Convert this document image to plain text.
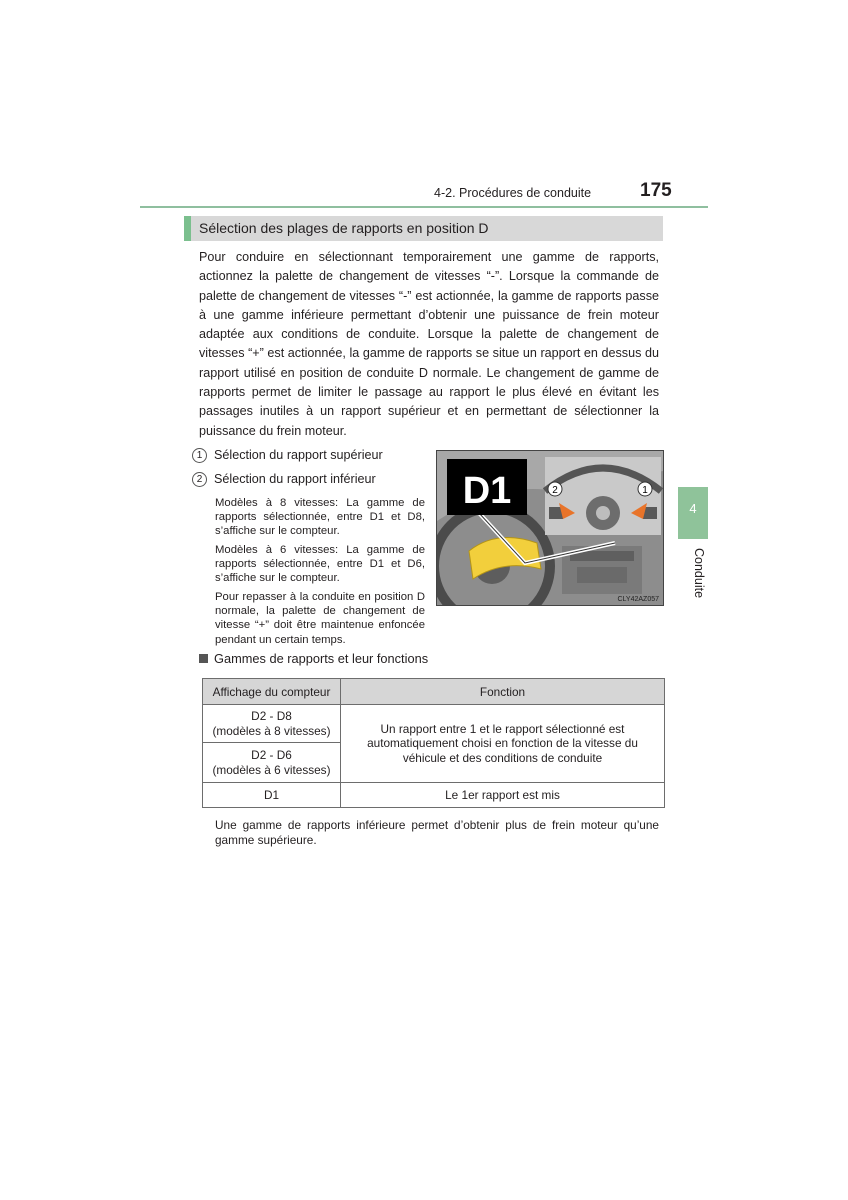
4-2. Procédures de conduite	175
Sélection des plages de rapports en position D
Pour conduire en sélectionnant temporairement une gamme de rapports, actionnez la palette de changement de vitesses “-”. Lorsque la commande de palette de changement de vitesses “-” est actionnée, la gamme de rapports passe à une gamme inférieure permettant d’obtenir une puissance de frein moteur adaptée aux conditions de conduite. Lorsque la palette de changement de vitesses “+” est actionnée, la gamme de rapports se situe un rapport en dessus du rapport utilisé en position de conduite D normale. Le changement de gamme de rapports permet de limiter le passage au rapport le plus élevé en évitant les passages inutiles à un rapport supérieur et en permettant de sélectionner la puissance du frein moteur.
1 Sélection du rapport supérieur
2 Sélection du rapport inférieur
Modèles à 8 vitesses: La gamme de rapports sélectionnée, entre D1 et D8, s’affiche sur le compteur.
Modèles à 6 vitesses: La gamme de rapports sélectionnée, entre D1 et D6, s’affiche sur le compteur.
Pour repasser à la conduite en position D normale, la palette de changement de vitesse “+” doit être maintenue enfoncée pendant un certain temps.
2	1
D1
CLY42AZ057
4
Conduite
Gammes de rapports et leur fonctions
Affichage du compteur	Fonction
D2 - D8
(modèles à 8 vitesses)	Un rapport entre 1 et le rapport sélectionné est automatiquement choisi en fonction de la vitesse du véhicule et des conditions de conduite
D2 - D6
(modèles à 6 vitesses)	
D1	Le 1er rapport est mis
Une gamme de rapports inférieure permet d’obtenir plus de frein moteur qu’une gamme supérieure.
